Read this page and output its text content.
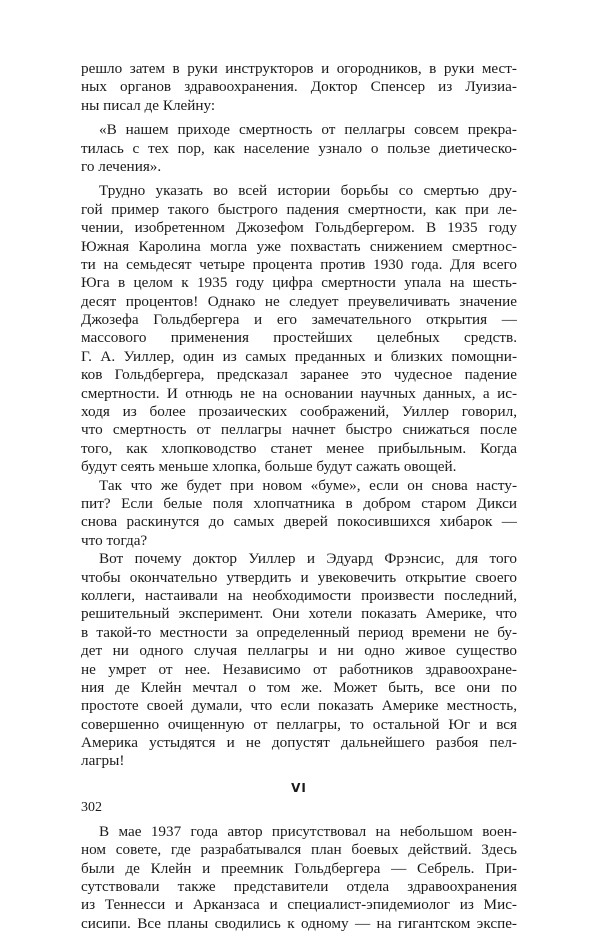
решло затем в руки инструкторов и огородников, в руки мест-
ных органов здравоохранения. Доктор Спенсер из Луизиа-
ны писал де Клейну:
«В нашем приходе смертность от пеллагры совсем прекра-
тилась с тех пор, как население узнало о пользе диетическо-
го лечения».
Трудно указать во всей истории борьбы со смертью дру-
гой пример такого быстрого падения смертности, как при ле-
чении, изобретенном Джозефом Гольдбергером. В 1935 году
Южная Каролина могла уже похвастать снижением смертнос-
ти на семьдесят четыре процента против 1930 года. Для всего
Юга в целом к 1935 году цифра смертности упала на шесть-
десят процентов! Однако не следует преувеличивать значение
Джозефа Гольдбергера и его замечательного открытия —
массового применения простейших целебных средств.
Г. А. Уиллер, один из самых преданных и близких помощни-
ков Гольдбергера, предсказал заранее это чудесное падение
смертности. И отнюдь не на основании научных данных, а ис-
ходя из более прозаических соображений, Уиллер говорил,
что смертность от пеллагры начнет быстро снижаться после
того, как хлопководство станет менее прибыльным. Когда
будут сеять меньше хлопка, больше будут сажать овощей.
Так что же будет при новом «буме», если он снова насту-
пит? Если белые поля хлопчатника в добром старом Дикси
снова раскинутся до самых дверей покосившихся хибарок —
что тогда?
Вот почему доктор Уиллер и Эдуард Фрэнсис, для того
чтобы окончательно утвердить и увековечить открытие своего
коллеги, настаивали на необходимости произвести последний,
решительный эксперимент. Они хотели показать Америке, что
в такой-то местности за определенный период времени не бу-
дет ни одного случая пеллагры и ни одно живое существо
не умрет от нее. Независимо от работников здравоохране-
ния де Клейн мечтал о том же. Может быть, все они по
простоте своей думали, что если показать Америке местность,
совершенно очищенную от пеллагры, то остальной Юг и вся
Америка устыдятся и не допустят дальнейшего разбоя пел-
лагры!
VI
В мае 1937 года автор присутствовал на небольшом воен-
ном совете, где разрабатывался план боевых действий. Здесь
были де Клейн и преемник Гольдбергера — Себрель. При-
сутствовали также представители отдела здравоохранения
из Теннесси и Арканзаса и специалист-эпидемиолог из Мис-
сисипи. Все планы сводились к одному — на гигантском экспе-
302
